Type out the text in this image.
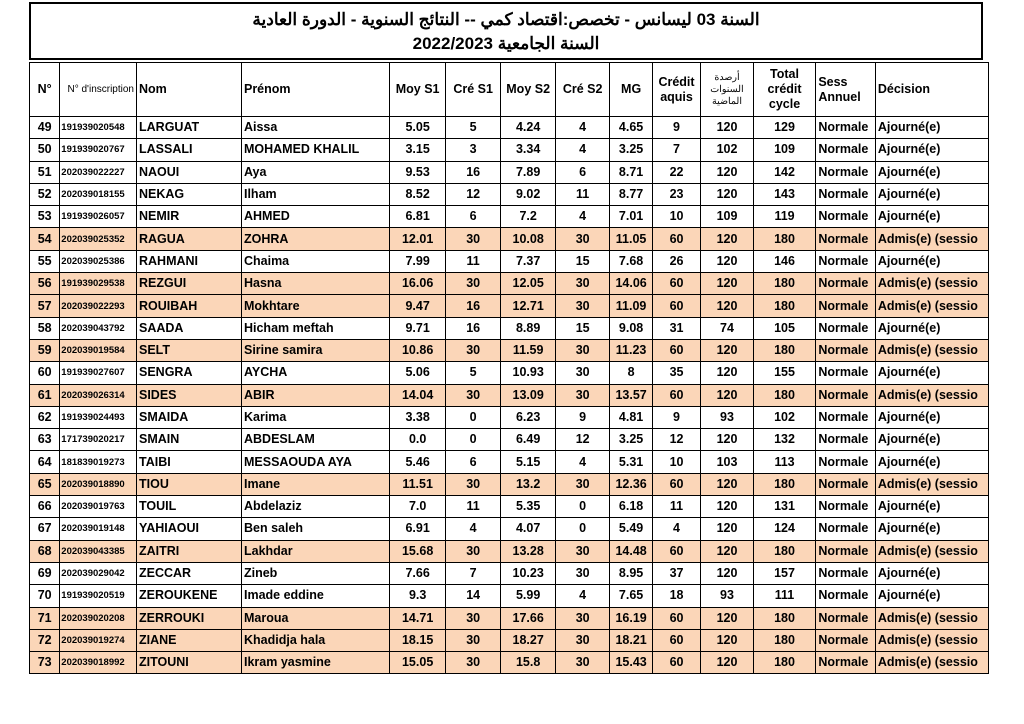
السنة 03 ليسانس - تخصص:اقتصاد كمي -- النتائج السنوية - الدورة العادية
السنة الجامعية 2022/2023
N°	N° d'inscription	Nom	Prénom	Moy S1	Cré S1	Moy S2	Cré S2	MG	Crédit aquis	أرصدة السنوات الماضية	Total crédit cycle	Sess Annuel	Décision
49	191939020548	LARGUAT	Aissa	5.05	5	4.24	4	4.65	9	120	129	Normale	Ajourné(e)
50	191939020767	LASSALI	MOHAMED KHALIL	3.15	3	3.34	4	3.25	7	102	109	Normale	Ajourné(e)
51	202039022227	NAOUI	Aya	9.53	16	7.89	6	8.71	22	120	142	Normale	Ajourné(e)
52	202039018155	NEKAG	Ilham	8.52	12	9.02	11	8.77	23	120	143	Normale	Ajourné(e)
53	191939026057	NEMIR	AHMED	6.81	6	7.2	4	7.01	10	109	119	Normale	Ajourné(e)
54	202039025352	RAGUA	ZOHRA	12.01	30	10.08	30	11.05	60	120	180	Normale	Admis(e) (sessio
55	202039025386	RAHMANI	Chaima	7.99	11	7.37	15	7.68	26	120	146	Normale	Ajourné(e)
56	191939029538	REZGUI	Hasna	16.06	30	12.05	30	14.06	60	120	180	Normale	Admis(e) (sessio
57	202039022293	ROUIBAH	Mokhtare	9.47	16	12.71	30	11.09	60	120	180	Normale	Admis(e) (sessio
58	202039043792	SAADA	Hicham meftah	9.71	16	8.89	15	9.08	31	74	105	Normale	Ajourné(e)
59	202039019584	SELT	Sirine samira	10.86	30	11.59	30	11.23	60	120	180	Normale	Admis(e) (sessio
60	191939027607	SENGRA	AYCHA	5.06	5	10.93	30	8	35	120	155	Normale	Ajourné(e)
61	202039026314	SIDES	ABIR	14.04	30	13.09	30	13.57	60	120	180	Normale	Admis(e) (sessio
62	191939024493	SMAIDA	Karima	3.38	0	6.23	9	4.81	9	93	102	Normale	Ajourné(e)
63	171739020217	SMAIN	ABDESLAM	0.0	0	6.49	12	3.25	12	120	132	Normale	Ajourné(e)
64	181839019273	TAIBI	MESSAOUDA AYA	5.46	6	5.15	4	5.31	10	103	113	Normale	Ajourné(e)
65	202039018890	TIOU	Imane	11.51	30	13.2	30	12.36	60	120	180	Normale	Admis(e) (sessio
66	202039019763	TOUIL	Abdelaziz	7.0	11	5.35	0	6.18	11	120	131	Normale	Ajourné(e)
67	202039019148	YAHIAOUI	Ben saleh	6.91	4	4.07	0	5.49	4	120	124	Normale	Ajourné(e)
68	202039043385	ZAITRI	Lakhdar	15.68	30	13.28	30	14.48	60	120	180	Normale	Admis(e) (sessio
69	202039029042	ZECCAR	Zineb	7.66	7	10.23	30	8.95	37	120	157	Normale	Ajourné(e)
70	191939020519	ZEROUKENE	Imade eddine	9.3	14	5.99	4	7.65	18	93	111	Normale	Ajourné(e)
71	202039020208	ZERROUKI	Maroua	14.71	30	17.66	30	16.19	60	120	180	Normale	Admis(e) (sessio
72	202039019274	ZIANE	Khadidja hala	18.15	30	18.27	30	18.21	60	120	180	Normale	Admis(e) (sessio
73	202039018992	ZITOUNI	Ikram yasmine	15.05	30	15.8	30	15.43	60	120	180	Normale	Admis(e) (sessio
